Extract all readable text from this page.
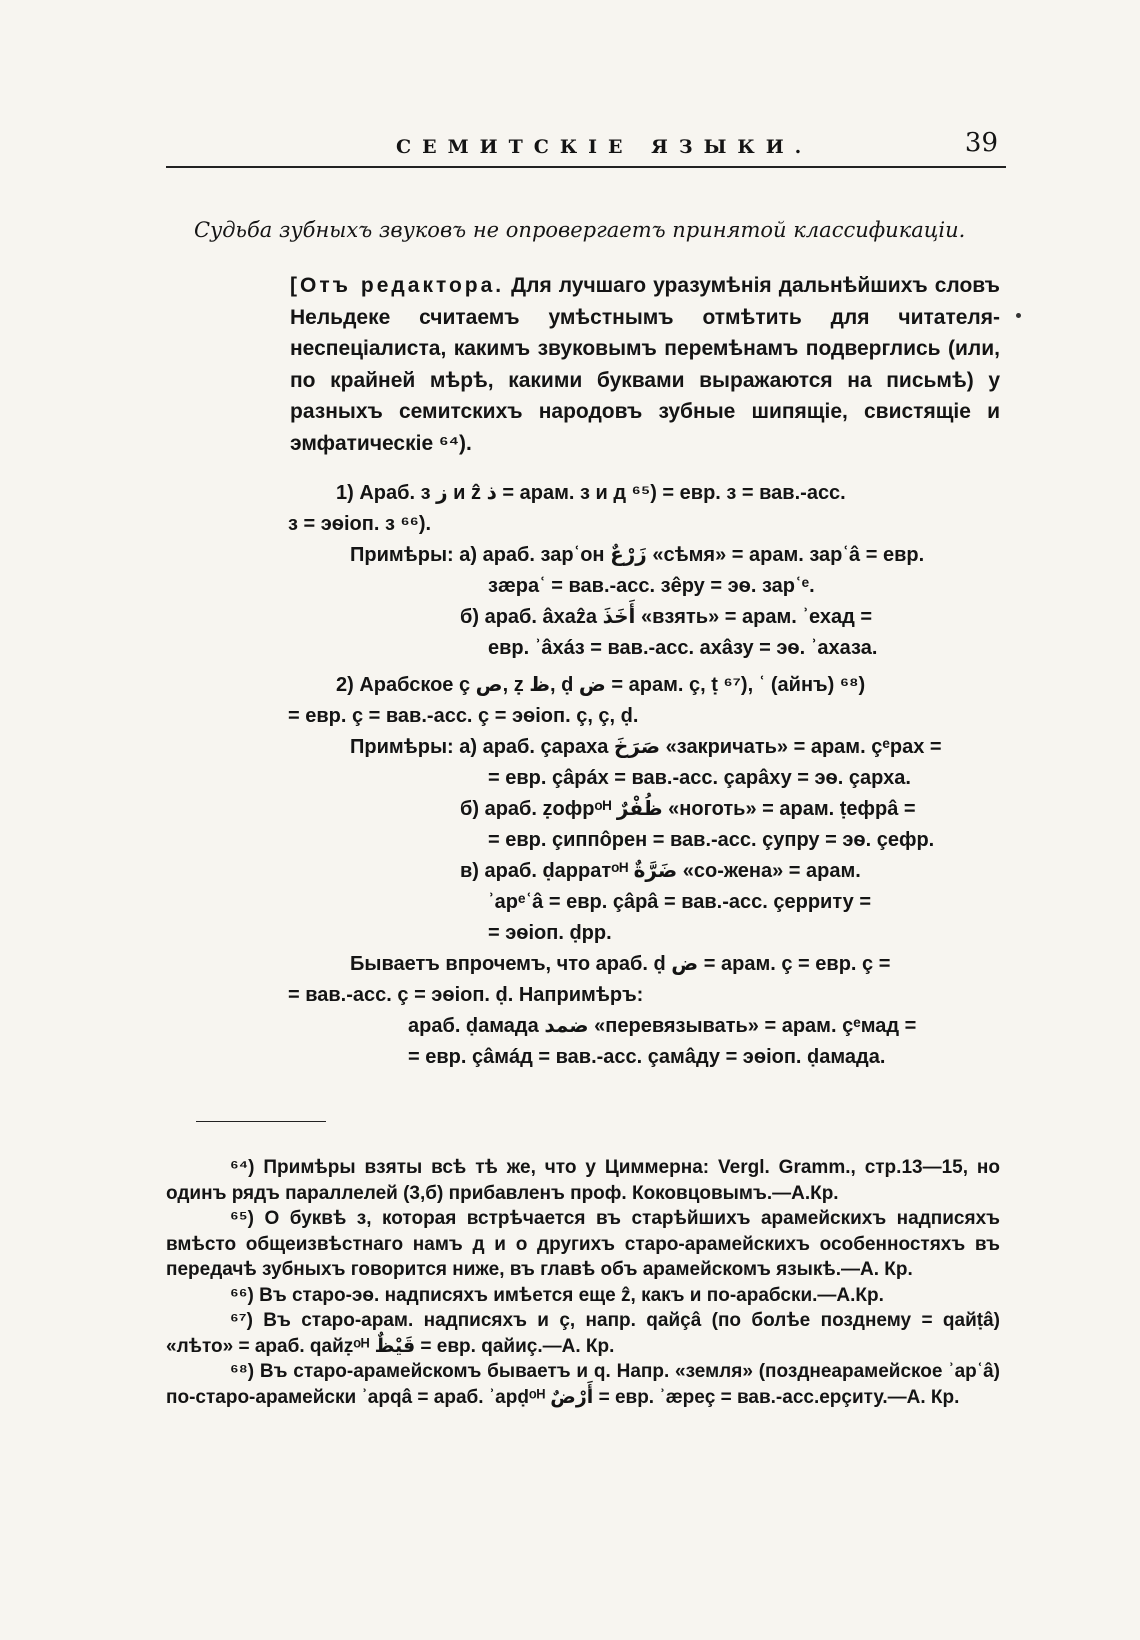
СЕМИТСКІЕ ЯЗЫКИ.	39
Судьба зубныхъ звуковъ не опровергаетъ принятой классификаціи.
[Отъ редактора. Для лучшаго уразумѣнія дальнѣйшихъ словъ Нельдеке считаемъ умѣстнымъ отмѣтить для читателя-неспеціалиста, какимъ звуковымъ перемѣнамъ подверглись (или, по крайней мѣрѣ, какими буквами выражаются на письмѣ) у разныхъ семитскихъ народовъ зубные шипящіе, свистящіе и эмфатическіе ⁶⁴).

1) Араб. з ز и ẑ ذ = арам. з и д ⁶⁵) = евр. з = вав.-асс.

з = эѳіоп. з ⁶⁶).

Примѣры: а) араб. зарʿон زَرْعٌ «сѣмя» = арам. зарʿâ = евр.

зæраʿ = вав.-асс. зêру = эѳ. зарʿᵉ.

б) араб. âхаẑа أَخَذَ «взять» = арам. ʾехад =

евр. ʾâхáз = вав.-асс. ахâзу = эѳ. ʾахаза.

2) Арабское ç ص, ẓ ظ, ḍ ض = арам. ç, ṭ ⁶⁷), ʿ (айнъ) ⁶⁸)

= евр. ç = вав.-асс. ç = эѳіоп. ç, ç, ḍ.

Примѣры: а) араб. çaраха صَرَخَ «закричать» = арам. çᵉрах =

= евр. çâрáх = вав.-асс. çарâху = эѳ. çарха.

б) араб. ẓофрᵒᴴ ظُفْرٌ «ноготь» = арам. ṭефрâ =

= евр. çиппôрен = вав.-асс. çупру = эѳ. çефр.

в) араб. ḍарратᵒᴴ ضَرَّةٌ «со-жена» = арам.

ʾарᵉʿâ = евр. çâрâ = вав.-асс. çерриту =

= эѳіоп. ḍрр.

Бываетъ впрочемъ, что араб. ḍ ض = арам. ç = евр. ç =

= вав.-асс. ç = эѳіоп. ḍ. Напримѣръ:

араб. ḍамада ضمد «перевязывать» = арам. çᵉмад =

= евр. çâмáд = вав.-асс. çамâду = эѳіоп. ḍамада.

⁶⁴) Примѣры взяты всѣ тѣ же, что у Циммерна: Vergl. Gramm., стр.13—15, но одинъ рядъ параллелей (3,б) прибавленъ проф. Коковцовымъ.—А.Кр.

⁶⁵) О буквѣ з, которая встрѣчается въ старѣйшихъ арамейскихъ надписяхъ вмѣсто общеизвѣстнаго намъ д и о другихъ старо-арамейскихъ особенностяхъ въ передачѣ зубныхъ говорится ниже, въ главѣ объ арамейскомъ языкѣ.—А. Кр.

⁶⁶) Въ старо-эѳ. надписяхъ имѣется еще ẑ, какъ и по-арабски.—А.Кр.

⁶⁷) Въ старо-арам. надписяхъ и ç, напр. qайçâ (по болѣе позднему = qайṭâ) «лѣто» = араб. qайẓᵒᴴ قَيْظٌ = евр. qайиç.—А. Кр.

⁶⁸) Въ старо-арамейскомъ бываетъ и q. Напр. «земля» (позднеарамейское ʾарʿâ) по-старо-арамейски ʾарqâ = араб. ʾарḍᵒᴴ أَرْضٌ = евр. ʾæреç = вав.-асс.ерçиту.—А. Кр.
